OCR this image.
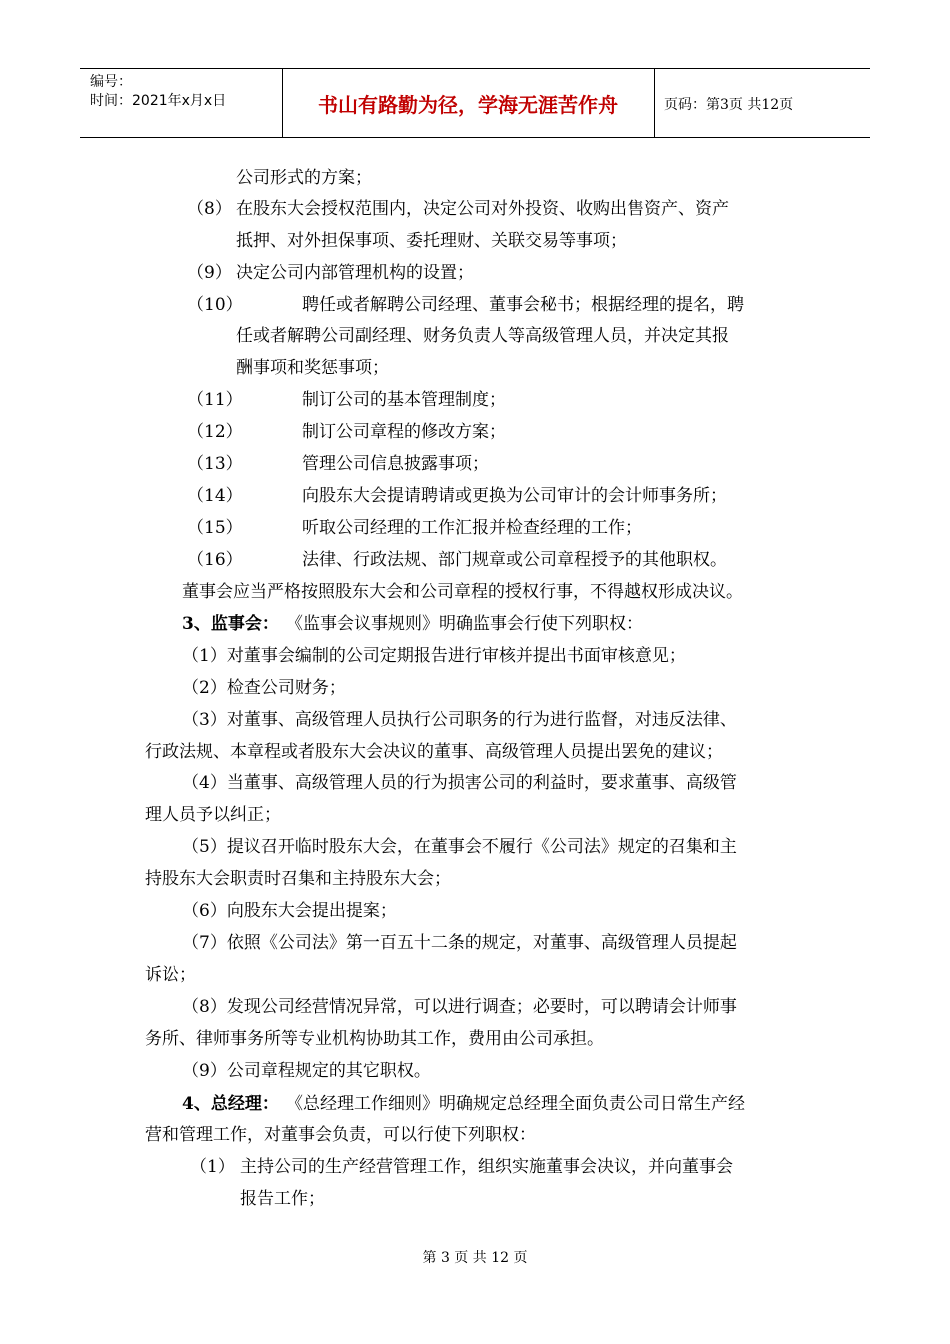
编号：
时间：2021年x月x日	书山有路勤为径，学海无涯苦作舟	页码：第3页 共12页
公司形式的方案；
（8） 在股东大会授权范围内，决定公司对外投资、收购出售资产、资产
抵押、对外担保事项、委托理财、关联交易等事项；
（9） 决定公司内部管理机构的设置；
（10）	聘任或者解聘公司经理、董事会秘书；根据经理的提名，聘
任或者解聘公司副经理、财务负责人等高级管理人员，并决定其报
酬事项和奖惩事项；
（11）	制订公司的基本管理制度；
（12）	制订公司章程的修改方案；
（13）	管理公司信息披露事项；
（14）	向股东大会提请聘请或更换为公司审计的会计师事务所；
（15）	听取公司经理的工作汇报并检查经理的工作；
（16）	法律、行政法规、部门规章或公司章程授予的其他职权。
董事会应当严格按照股东大会和公司章程的授权行事，不得越权形成决议。
3、监事会： 《监事会议事规则》明确监事会行使下列职权：
（1）对董事会编制的公司定期报告进行审核并提出书面审核意见；
（2）检查公司财务；
（3）对董事、高级管理人员执行公司职务的行为进行监督，对违反法律、
行政法规、本章程或者股东大会决议的董事、高级管理人员提出罢免的建议；
（4）当董事、高级管理人员的行为损害公司的利益时，要求董事、高级管
理人员予以纠正；
（5）提议召开临时股东大会，在董事会不履行《公司法》规定的召集和主
持股东大会职责时召集和主持股东大会；
（6）向股东大会提出提案；
（7）依照《公司法》第一百五十二条的规定，对董事、高级管理人员提起
诉讼；
（8）发现公司经营情况异常，可以进行调查；必要时，可以聘请会计师事
务所、律师事务所等专业机构协助其工作，费用由公司承担。
（9）公司章程规定的其它职权。
4、总经理： 《总经理工作细则》明确规定总经理全面负责公司日常生产经
营和管理工作，对董事会负责，可以行使下列职权：
（1） 主持公司的生产经营管理工作，组织实施董事会决议，并向董事会
报告工作；
第 3 页 共 12 页
